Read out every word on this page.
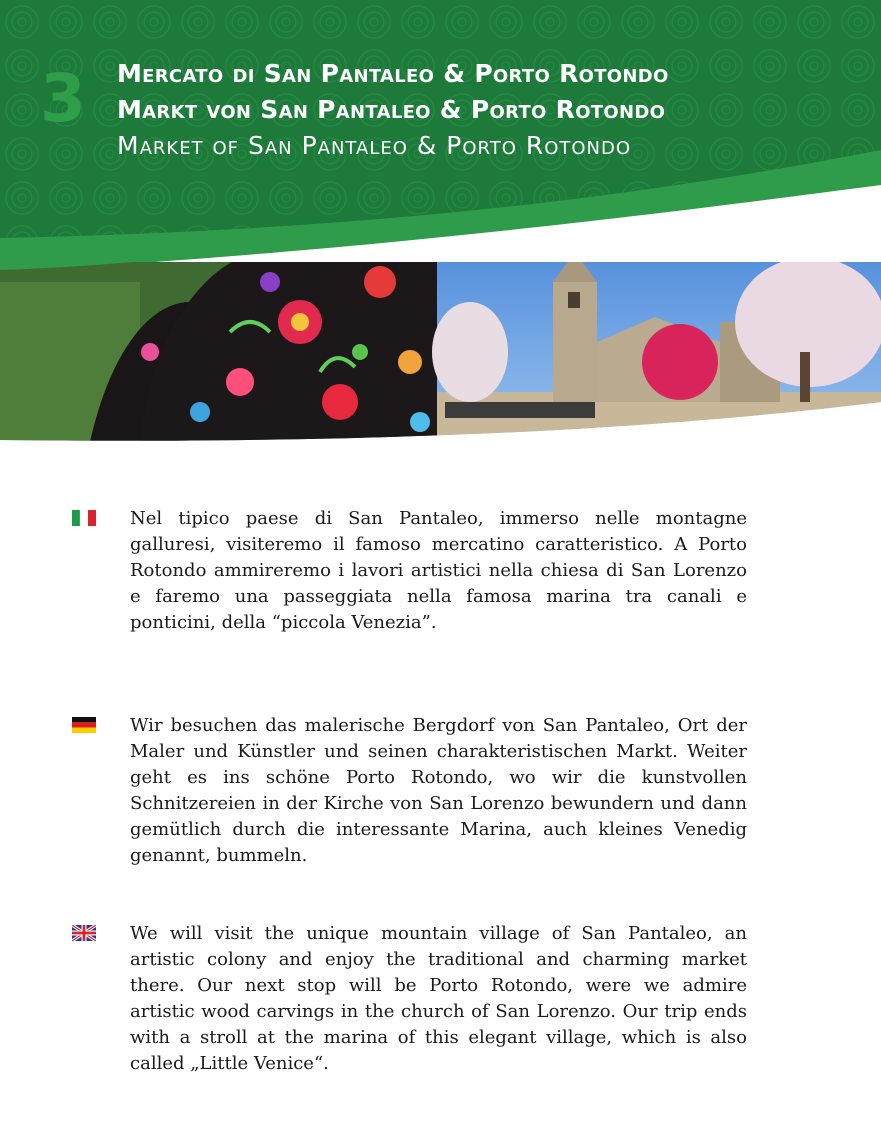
3 Mercato di San Pantaleo & Porto Rotondo
Markt von San Pantaleo & Porto Rotondo
Market of San Pantaleo & Porto Rotondo

Nel tipico paese di San Pantaleo, immerso nelle montagne galluresi, visiteremo il famoso mercatino caratteristico. A Porto Rotondo ammireremo i lavori artistici nella chiesa di San Lorenzo e faremo una passeggiata nella famosa marina tra canali e ponticini, della “piccola Venezia”.

Wir besuchen das malerische Bergdorf von San Pantaleo, Ort der Maler und Künstler und seinen charakteristischen Markt. Weiter geht es ins schöne Porto Rotondo, wo wir die kunstvollen Schnitzereien in der Kirche von San Lorenzo bewundern und dann gemütlich durch die interessante Marina, auch kleines Venedig genannt, bummeln.

We will visit the unique mountain village of San Pantaleo, an artistic colony and enjoy the traditional and charming market there. Our next stop will be Porto Rotondo, were we admire artistic wood carvings in the church of San Lorenzo. Our trip ends with a stroll at the marina of this elegant village, which is also called „Little Venice“.
